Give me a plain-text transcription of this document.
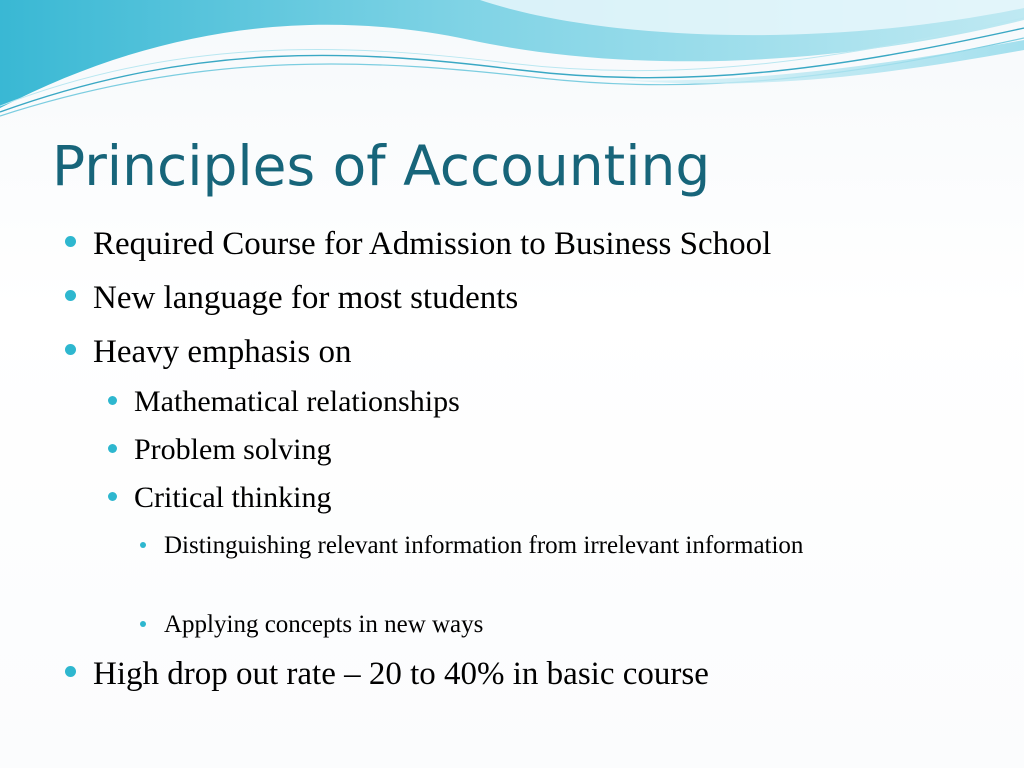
Principles of Accounting
Required Course for Admission to Business School
New language for most students
Heavy emphasis on
Mathematical relationships
Problem solving
Critical thinking
Distinguishing relevant information from irrelevant information
Applying concepts in new ways
High drop out rate – 20 to 40% in basic course
